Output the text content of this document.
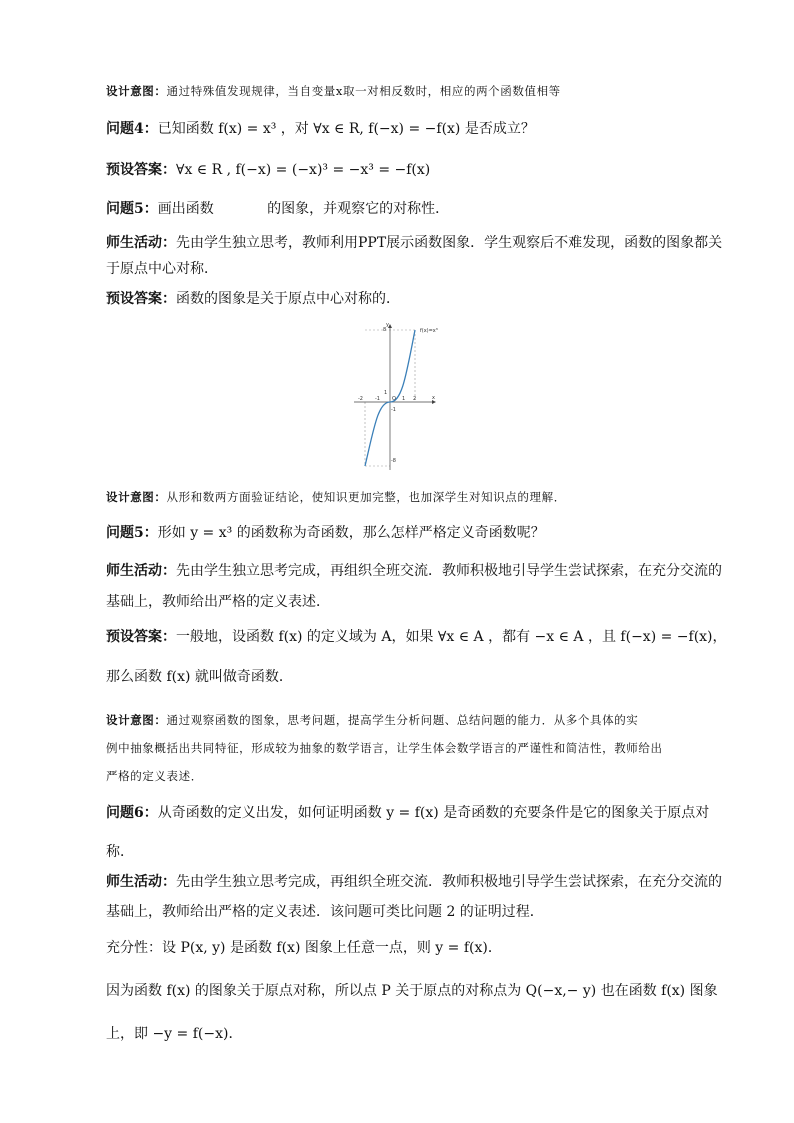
设计意图：通过特殊值发现规律，当自变量x取一对相反数时，相应的两个函数值相等
问题4：已知函数 f(x) = x³ ，对 ∀x ∈ R, f(−x) = −f(x) 是否成立？
预设答案：∀x ∈ R , f(−x) = (−x)³ = −x³ = −f(x)
问题5：画出函数            的图象，并观察它的对称性．
师生活动：先由学生独立思考，教师利用PPT展示函数图象．学生观察后不难发现，函数的图象都关
于原点中心对称．
预设答案：函数的图象是关于原点中心对称的．
f(x)=x³
8
1
-1
-8
y
x
-2 -1 O 1 2
设计意图：从形和数两方面验证结论，使知识更加完整，也加深学生对知识点的理解．
问题5：形如 y = x³ 的函数称为奇函数，那么怎样严格定义奇函数呢？
师生活动：先由学生独立思考完成，再组织全班交流．教师积极地引导学生尝试探索，在充分交流的
基础上，教师给出严格的定义表述．
预设答案：一般地，设函数 f(x) 的定义域为 A，如果 ∀x ∈ A ，都有 −x ∈ A ，且 f(−x) = −f(x)，
那么函数 f(x) 就叫做奇函数．
设计意图：通过观察函数的图象，思考问题，提高学生分析问题、总结问题的能力．从多个具体的实
例中抽象概括出共同特征，形成较为抽象的数学语言，让学生体会数学语言的严谨性和简洁性，教师给出
严格的定义表述．
问题6：从奇函数的定义出发，如何证明函数 y = f(x) 是奇函数的充要条件是它的图象关于原点对
称．
师生活动：先由学生独立思考完成，再组织全班交流．教师积极地引导学生尝试探索，在充分交流的
基础上，教师给出严格的定义表述．该问题可类比问题 2 的证明过程．
充分性：设 P(x, y) 是函数 f(x) 图象上任意一点，则 y = f(x)．
因为函数 f(x) 的图象关于原点对称，所以点 P 关于原点的对称点为 Q(−x,− y) 也在函数 f(x) 图象
上，即 −y = f(−x)．
